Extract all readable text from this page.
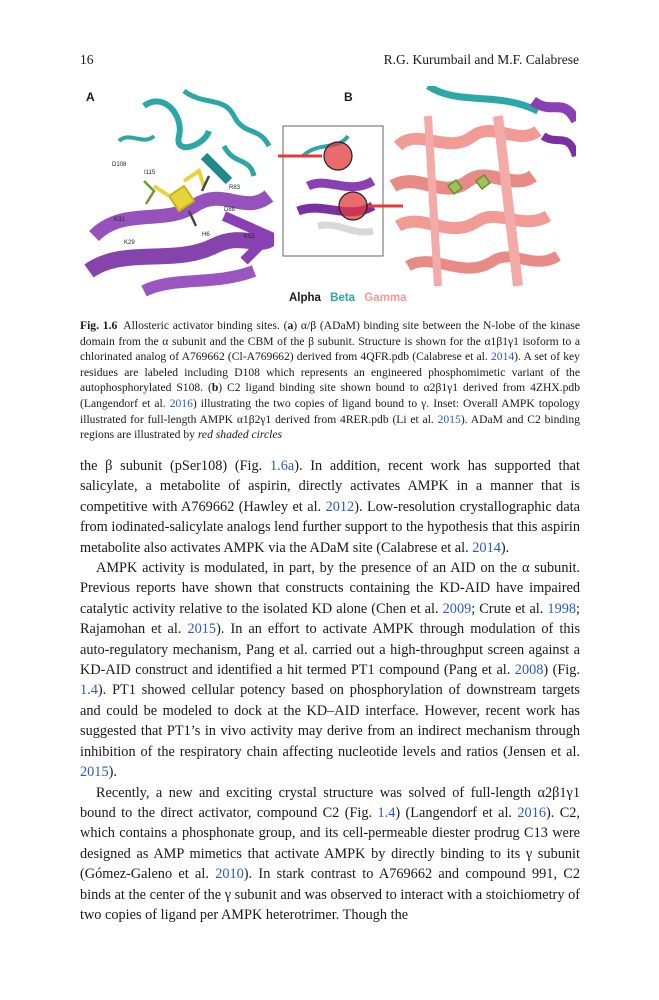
16	R.G. Kurumbail and M.F. Calabrese
D108
I115
R83
D88
K31
K29
H6	K51
A	B
Alpha Beta Gamma
Fig. 1.6 Allosteric activator binding sites. (a) α/β (ADaM) binding site between the N-lobe of the kinase domain from the α subunit and the CBM of the β subunit. Structure is shown for the α1β1γ1 isoform to a chlorinated analog of A769662 (Cl-A769662) derived from 4QFR.pdb (Calabrese et al. 2014). A set of key residues are labeled including D108 which represents an engineered phosphomimetic variant of the autophosphorylated S108. (b) C2 ligand binding site shown bound to α2β1γ1 derived from 4ZHX.pdb (Langendorf et al. 2016) illustrating the two copies of ligand bound to γ. Inset: Overall AMPK topology illustrated for full-length AMPK α1β2γ1 derived from 4RER.pdb (Li et al. 2015). ADaM and C2 binding regions are illustrated by red shaded circles

the β subunit (pSer108) (Fig. 1.6a). In addition, recent work has supported that salicylate, a metabolite of aspirin, directly activates AMPK in a manner that is competitive with A769662 (Hawley et al. 2012). Low-resolution crystallographic data from iodinated-salicylate analogs lend further support to the hypothesis that this aspirin metabolite also activates AMPK via the ADaM site (Calabrese et al. 2014).

AMPK activity is modulated, in part, by the presence of an AID on the α subunit. Previous reports have shown that constructs containing the KD-AID have impaired catalytic activity relative to the isolated KD alone (Chen et al. 2009; Crute et al. 1998; Rajamohan et al. 2015). In an effort to activate AMPK through modulation of this auto-regulatory mechanism, Pang et al. carried out a high-throughput screen against a KD-AID construct and identified a hit termed PT1 compound (Pang et al. 2008) (Fig. 1.4). PT1 showed cellular potency based on phosphorylation of downstream targets and could be modeled to dock at the KD–AID interface. However, recent work has suggested that PT1’s in vivo activity may derive from an indirect mechanism through inhibition of the respiratory chain affecting nucleotide levels and ratios (Jensen et al. 2015).

Recently, a new and exciting crystal structure was solved of full-length α2β1γ1 bound to the direct activator, compound C2 (Fig. 1.4) (Langendorf et al. 2016). C2, which contains a phosphonate group, and its cell-permeable diester prodrug C13 were designed as AMP mimetics that activate AMPK by directly binding to its γ subunit (Gómez-Galeno et al. 2010). In stark contrast to A769662 and compound 991, C2 binds at the center of the γ subunit and was observed to interact with a stoichiometry of two copies of ligand per AMPK heterotrimer. Though the
